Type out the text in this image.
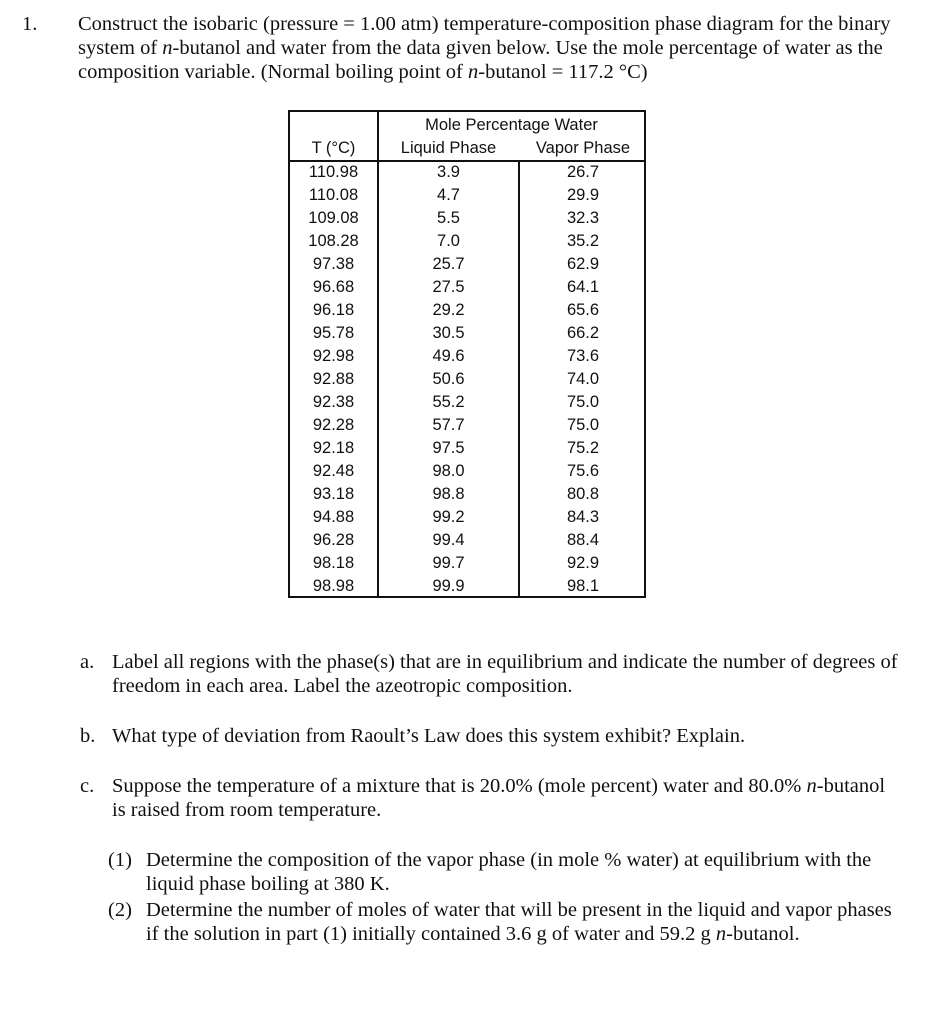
1. Construct the isobaric (pressure = 1.00 atm) temperature-composition phase diagram for the binary system of n-butanol and water from the data given below. Use the mole percentage of water as the composition variable. (Normal boiling point of n-butanol = 117.2 °C)
Mole Percentage Water
T (°C)	Liquid Phase	Vapor Phase
110.98	3.9	26.7
110.08	4.7	29.9
109.08	5.5	32.3
108.28	7.0	35.2
97.38	25.7	62.9
96.68	27.5	64.1
96.18	29.2	65.6
95.78	30.5	66.2
92.98	49.6	73.6
92.88	50.6	74.0
92.38	55.2	75.0
92.28	57.7	75.0
92.18	97.5	75.2
92.48	98.0	75.6
93.18	98.8	80.8
94.88	99.2	84.3
96.28	99.4	88.4
98.18	99.7	92.9
98.98	99.9	98.1
a. Label all regions with the phase(s) that are in equilibrium and indicate the number of degrees of freedom in each area. Label the azeotropic composition.
b. What type of deviation from Raoult’s Law does this system exhibit? Explain.
c. Suppose the temperature of a mixture that is 20.0% (mole percent) water and 80.0% n-butanol is raised from room temperature.
(1) Determine the composition of the vapor phase (in mole % water) at equilibrium with the liquid phase boiling at 380 K.
(2) Determine the number of moles of water that will be present in the liquid and vapor phases if the solution in part (1) initially contained 3.6 g of water and 59.2 g n-butanol.
